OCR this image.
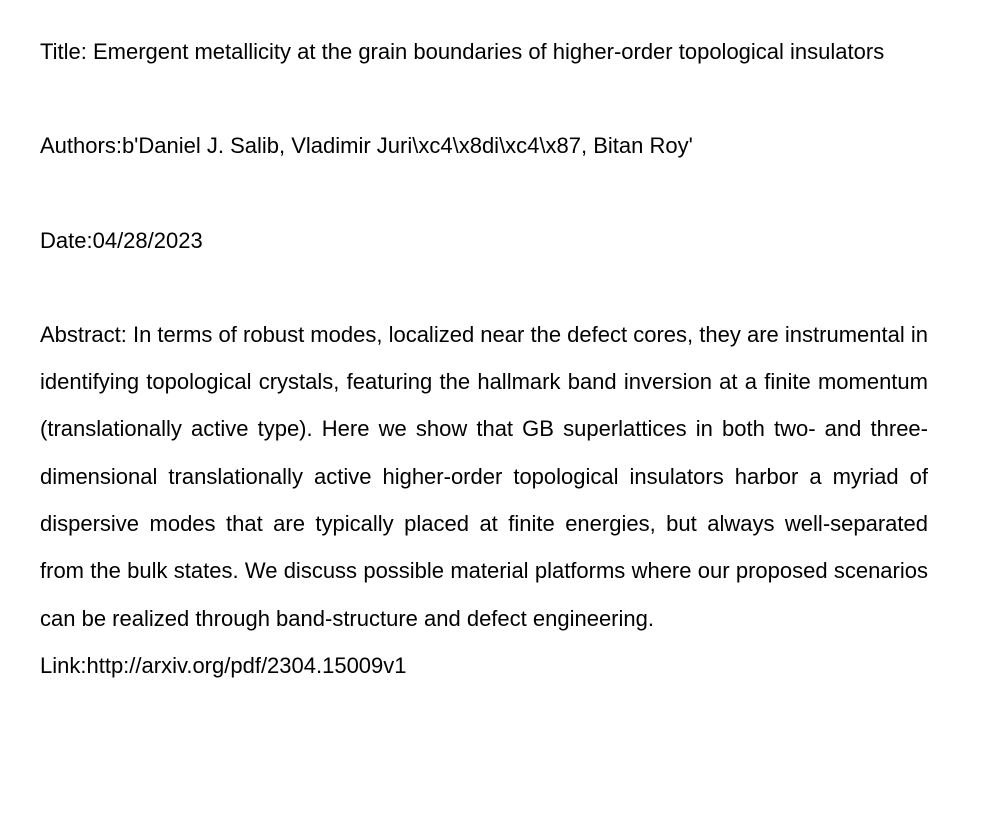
Title: Emergent metallicity at the grain boundaries of higher-order topological insulators

Authors:b'Daniel J. Salib, Vladimir Juri\xc4\x8di\xc4\x87, Bitan Roy'

Date:04/28/2023

Abstract: In terms of robust modes, localized near the defect cores, they are instrumental in identifying topological crystals, featuring the hallmark band inversion at a finite momentum (translationally active type). Here we show that GB superlattices in both two- and three-dimensional translationally active higher-order topological insulators harbor a myriad of dispersive modes that are typically placed at finite energies, but always well-separated from the bulk states. We discuss possible material platforms where our proposed scenarios can be realized through band-structure and defect engineering.

Link:http://arxiv.org/pdf/2304.15009v1
